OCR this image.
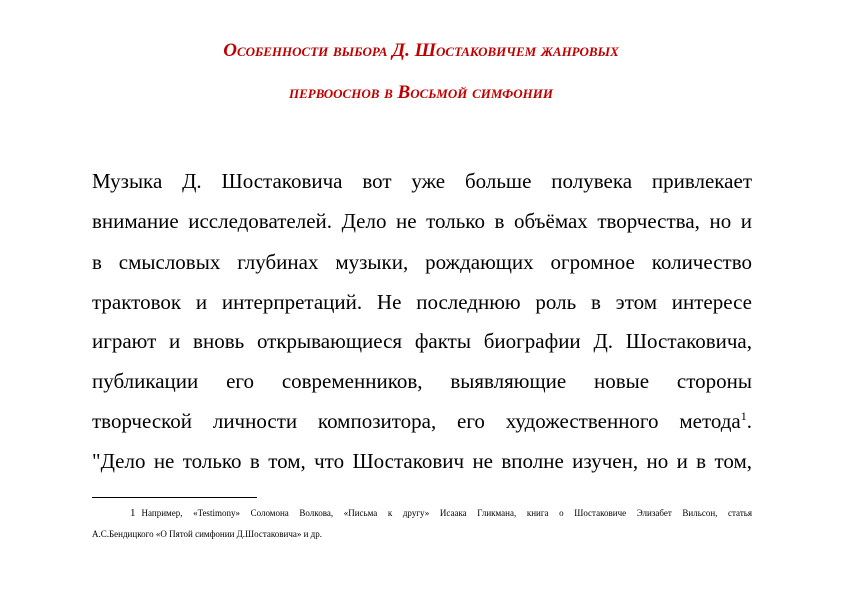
Особенности выбора Д. Шостаковичем жанровых
первооснов в Восьмой симфонии
Музыка Д. Шостаковича вот уже больше полувека привлекает
внимание исследователей. Дело не только в объёмах творчества, но и
в смысловых глубинах музыки, рождающих огромное количество
трактовок и интерпретаций. Не последнюю роль в этом интересе
играют и вновь открывающиеся факты биографии Д. Шостаковича,
публикации его современников, выявляющие новые стороны
творческой личности композитора, его художественного метода$^1$.
"Дело не только в том, что Шостакович не вполне изучен, но и в том,
1 Например, «Testimony» Соломона Волкова, «Письма к другу» Исаака Гликмана, книга о Шостаковиче Элизабет Вильсон, статья
А.С.Бендицкого «О Пятой симфонии Д.Шостаковича» и др.
